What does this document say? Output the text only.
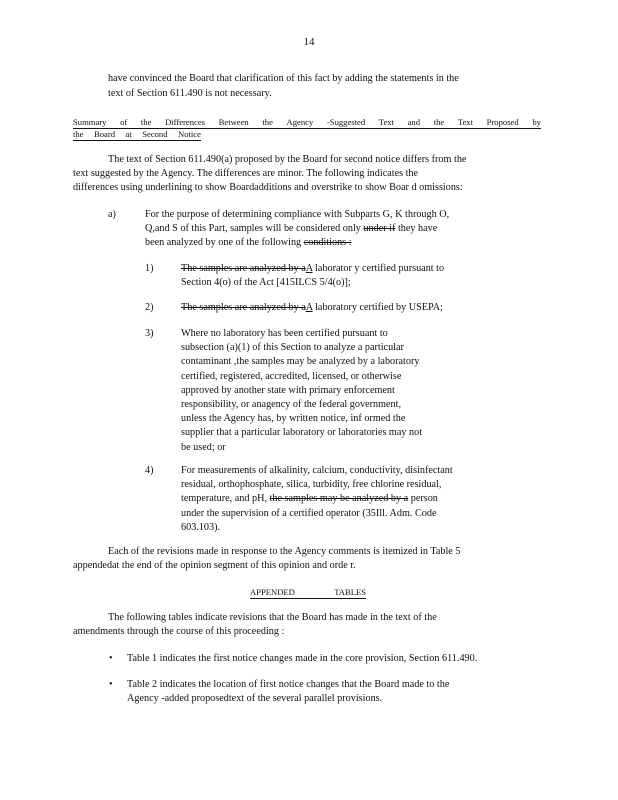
14
have convinced the Board that clarification of this fact by adding the statements in the
text of Section 611.490 is not necessary.
Summary of the Differences Between the Agency -Suggested Text and the Text Proposed by
the Board at Second Notice
The text of Section 611.490(a) proposed by the Board for second notice differs from the
text suggested by the Agency. The differences are minor. The following indicates the
differences using underlining to show Boardadditions and overstrike to show Boar d omissions:
a)	For the purpose of determining compliance with Subparts G, K through O,
Q,and S of this Part, samples will be considered only under if they have
been analyzed by one of the following conditions :
1)	The samples are analyzed by aA laborator y certified pursuant to
Section 4(o) of the Act [415ILCS 5/4(o)];
2)	The samples are analyzed by aA laboratory certified by USEPA;
3)	Where no laboratory has been certified pursuant to
subsection (a)(1) of this Section to analyze a particular
contaminant ,the samples may be analyzed by a laboratory
certified, registered, accredited, licensed, or otherwise
approved by another state with primary enforcement
responsibility, or anagency of the federal government,
unless the Agency has, by written notice, inf ormed the
supplier that a particular laboratory or laboratories may not
be used; or
4)	For measurements of alkalinity, calcium, conductivity, disinfectant
residual, orthophosphate, silica, turbidity, free chlorine residual,
temperature, and pH, the samples may be analyzed by a person
under the supervision of a certified operator (35Ill. Adm. Code
603.103).
Each of the revisions made in response to the Agency comments is itemized in Table 5
appendedat the end of the opinion segment of this opinion and orde r.
APPENDED	TABLES
The following tables indicate revisions that the Board has made in the text of the
amendments through the course of this proceeding :
• Table 1 indicates the first notice changes made in the core provision, Section 611.490.
• Table 2 indicates the location of first notice changes that the Board made to the
Agency -added proposedtext of the several parallel provisions.
